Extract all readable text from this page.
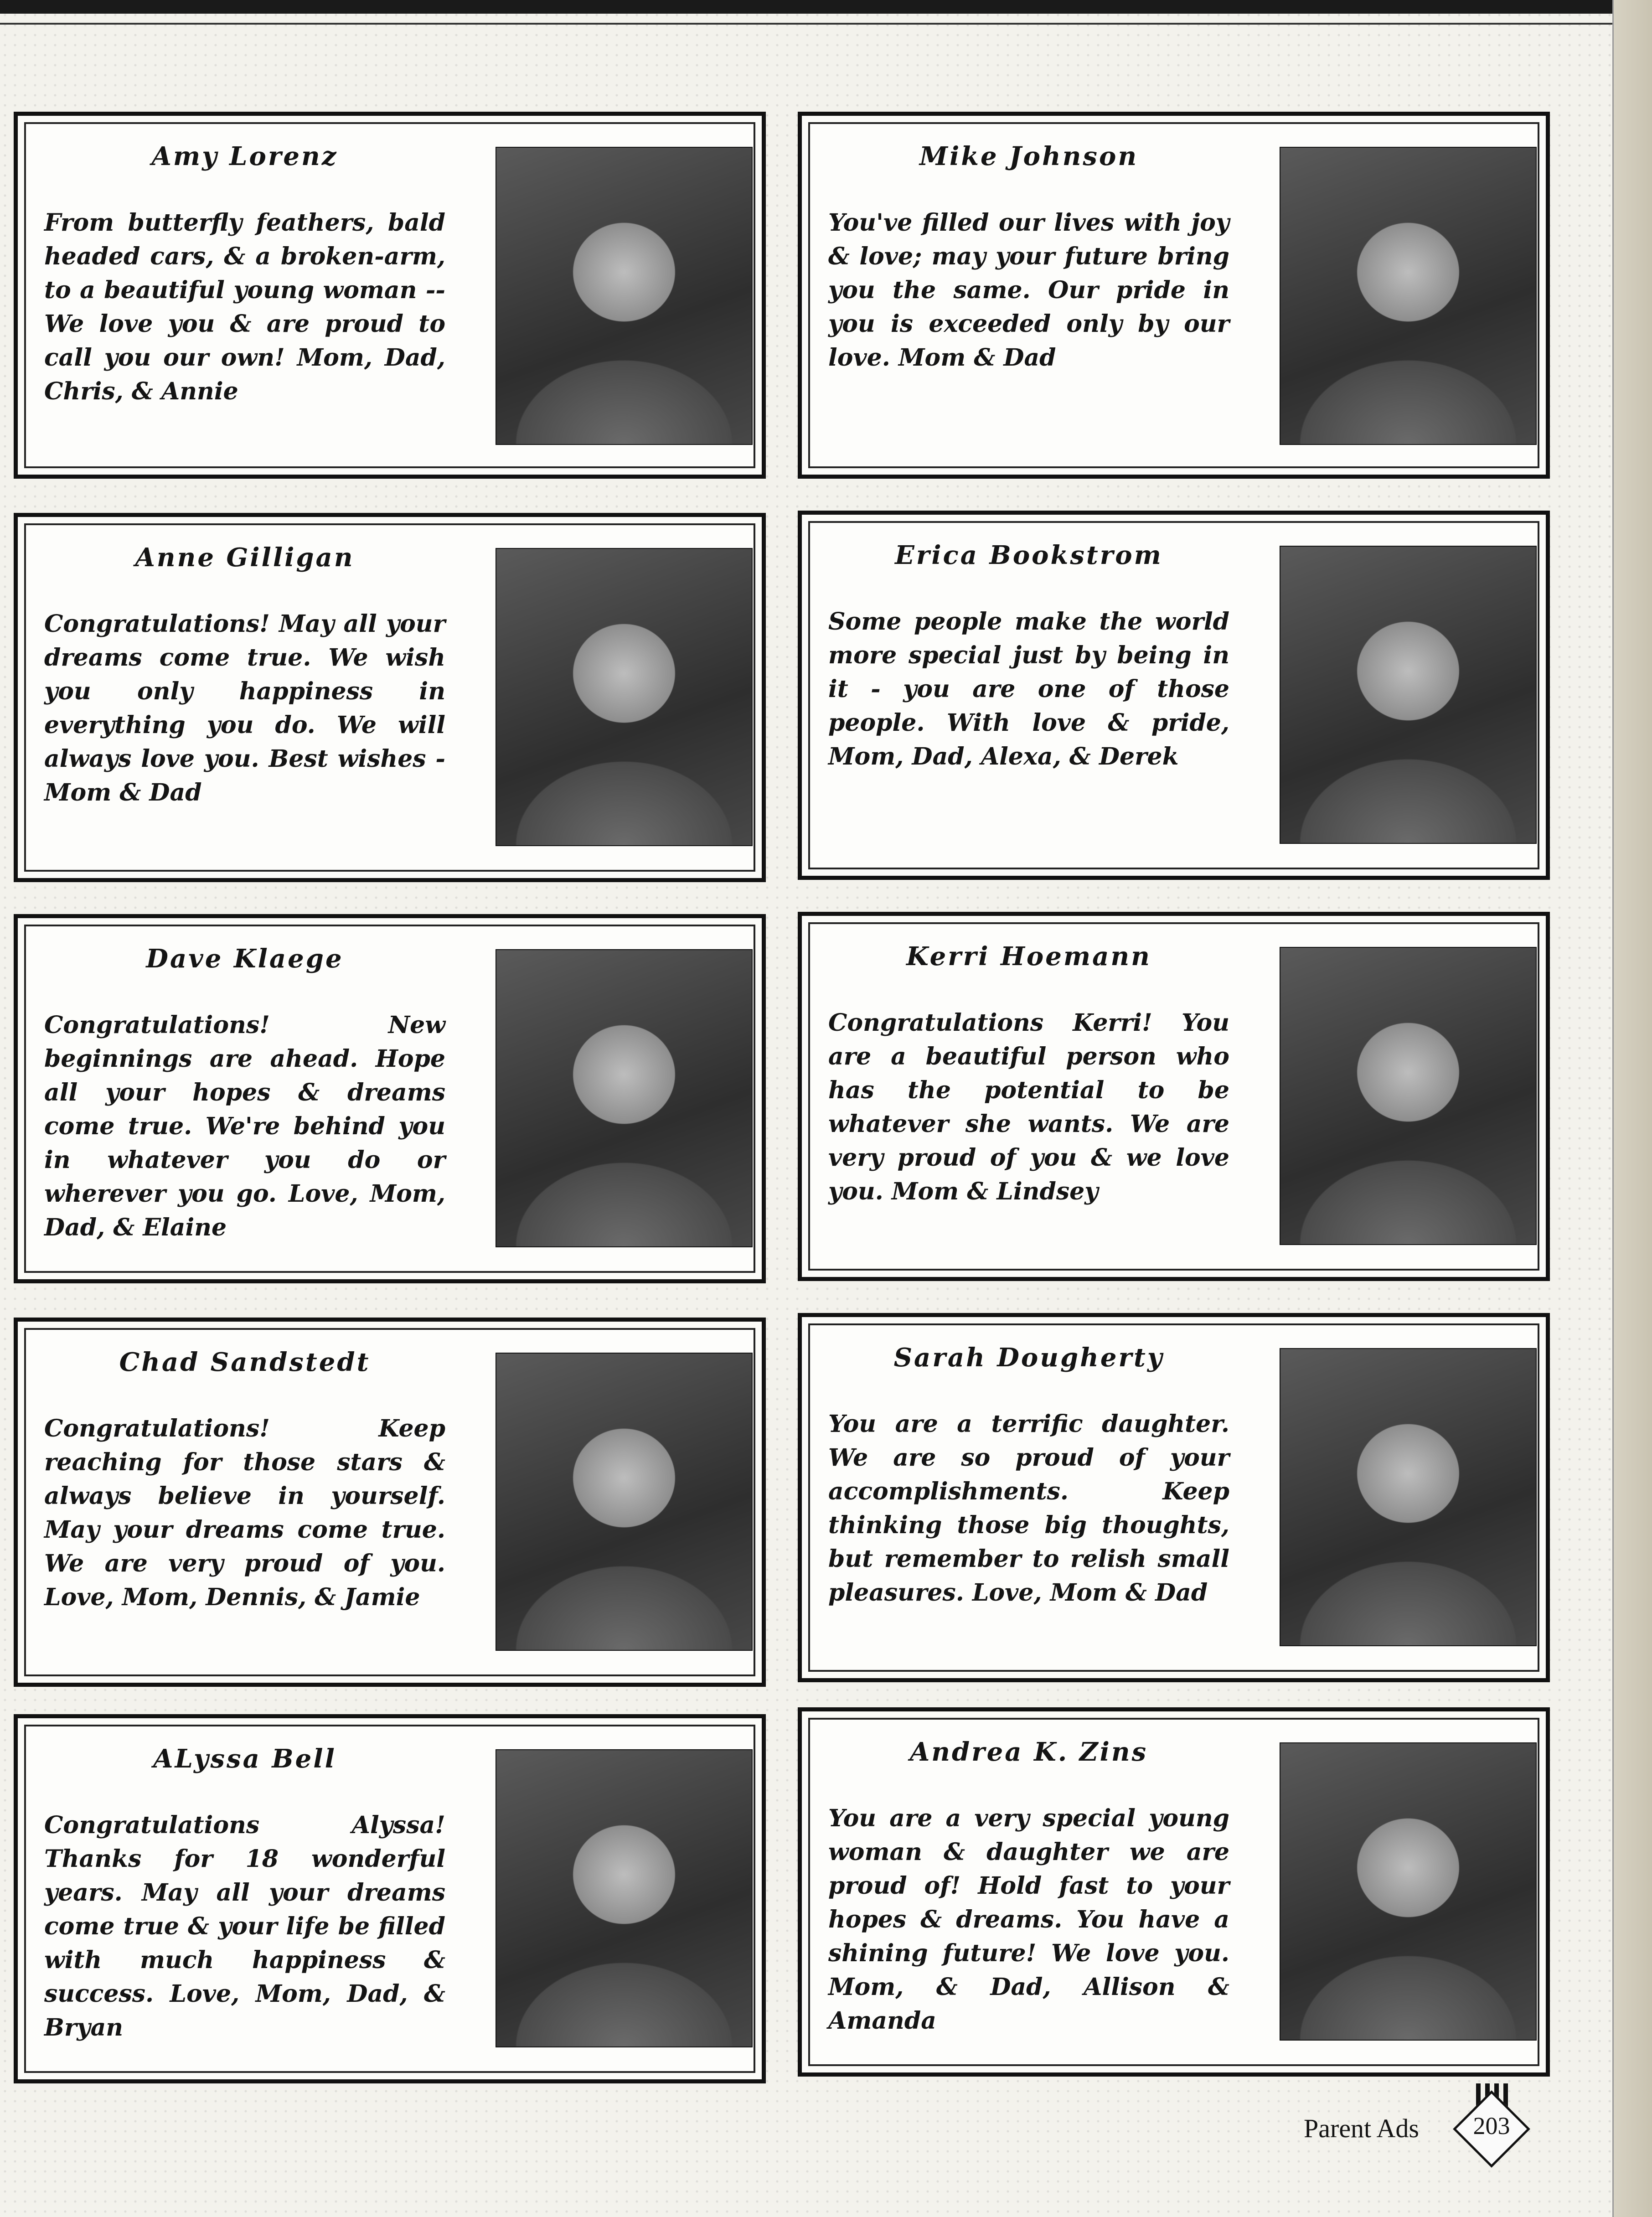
Amy Lorenz

From butterfly feathers, bald headed cars, & a broken-arm, to a beautiful young woman -- We love you & are proud to call you our own! Mom, Dad, Chris, & Annie

Anne Gilligan

Congratulations! May all your dreams come true. We wish you only happiness in everything you do. We will always love you. Best wishes - Mom & Dad

Dave Klaege

Congratulations! New beginnings are ahead. Hope all your hopes & dreams come true. We're behind you in whatever you do or wherever you go. Love, Mom, Dad, & Elaine

Chad Sandstedt

Congratulations! Keep reaching for those stars & always believe in yourself. May your dreams come true. We are very proud of you. Love, Mom, Dennis, & Jamie

ALyssa Bell

Congratulations Alyssa! Thanks for 18 wonderful years. May all your dreams come true & your life be filled with much happiness & success. Love, Mom, Dad, & Bryan

Mike Johnson

You've filled our lives with joy & love; may your future bring you the same. Our pride in you is exceeded only by our love. Mom & Dad

Erica Bookstrom

Some people make the world more special just by being in it - you are one of those people. With love & pride, Mom, Dad, Alexa, & Derek

Kerri Hoemann

Congratulations Kerri! You are a beautiful person who has the potential to be whatever she wants. We are very proud of you & we love you. Mom & Lindsey

Sarah Dougherty

You are a terrific daughter. We are so proud of your accomplishments. Keep thinking those big thoughts, but remember to relish small pleasures. Love, Mom & Dad

Andrea K. Zins

You are a very special young woman & daughter we are proud of! Hold fast to your hopes & dreams. You have a shining future! We love you. Mom, & Dad, Allison & Amanda

Parent Ads	203
